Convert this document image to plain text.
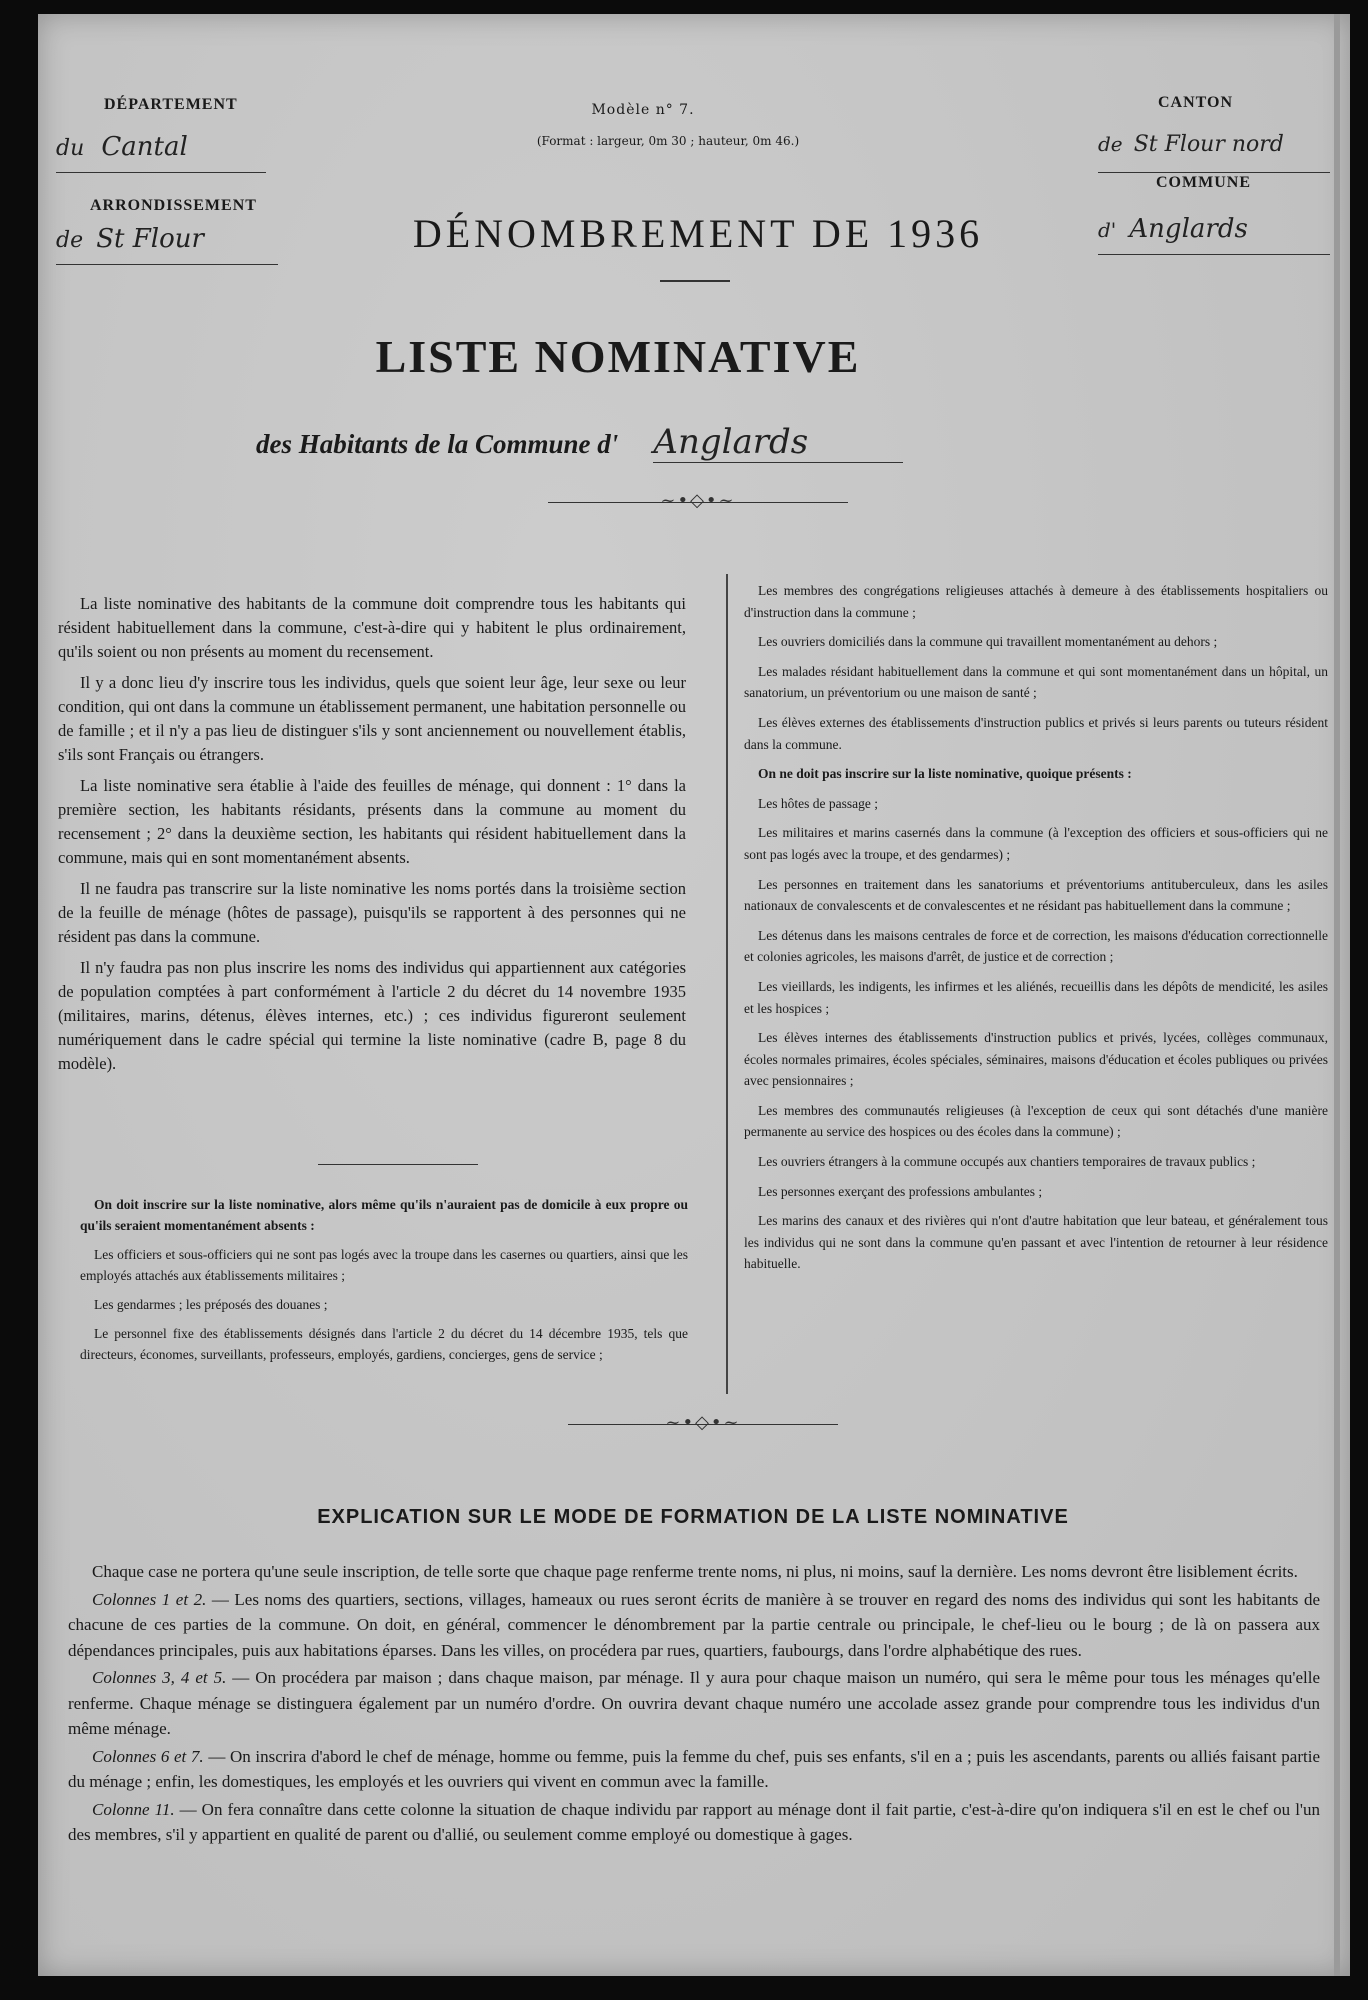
DÉPARTEMENT
du Cantal
ARRONDISSEMENT
de St Flour
Modèle n° 7.
(Format : largeur, 0m 30 ; hauteur, 0m 46.)
DÉNOMBREMENT DE 1936
CANTON
de St Flour nord
COMMUNE
d' Anglards
LISTE NOMINATIVE
des Habitants de la Commune d' Anglards
~•◇•~

La liste nominative des habitants de la commune doit comprendre tous les habitants qui résident habituellement dans la commune, c'est-à-dire qui y habitent le plus ordinairement, qu'ils soient ou non présents au moment du recensement.

Il y a donc lieu d'y inscrire tous les individus, quels que soient leur âge, leur sexe ou leur condition, qui ont dans la commune un établissement permanent, une habitation personnelle ou de famille ; et il n'y a pas lieu de distinguer s'ils y sont anciennement ou nouvellement établis, s'ils sont Français ou étrangers.

La liste nominative sera établie à l'aide des feuilles de ménage, qui donnent : 1° dans la première section, les habitants résidants, présents dans la commune au moment du recensement ; 2° dans la deuxième section, les habitants qui résident habituellement dans la commune, mais qui en sont momentanément absents.

Il ne faudra pas transcrire sur la liste nominative les noms portés dans la troisième section de la feuille de ménage (hôtes de passage), puisqu'ils se rapportent à des personnes qui ne résident pas dans la commune.

Il n'y faudra pas non plus inscrire les noms des individus qui appartiennent aux catégories de population comptées à part conformément à l'article 2 du décret du 14 novembre 1935 (militaires, marins, détenus, élèves internes, etc.) ; ces individus figureront seulement numériquement dans le cadre spécial qui termine la liste nominative (cadre B, page 8 du modèle).

On doit inscrire sur la liste nominative, alors même qu'ils n'auraient pas de domicile à eux propre ou qu'ils seraient momentanément absents :

Les officiers et sous-officiers qui ne sont pas logés avec la troupe dans les casernes ou quartiers, ainsi que les employés attachés aux établissements militaires ;

Les gendarmes ; les préposés des douanes ;

Le personnel fixe des établissements désignés dans l'article 2 du décret du 14 décembre 1935, tels que directeurs, économes, surveillants, professeurs, employés, gardiens, concierges, gens de service ;

Les membres des congrégations religieuses attachés à demeure à des établissements hospitaliers ou d'instruction dans la commune ;

Les ouvriers domiciliés dans la commune qui travaillent momentanément au dehors ;

Les malades résidant habituellement dans la commune et qui sont momentanément dans un hôpital, un sanatorium, un préventorium ou une maison de santé ;

Les élèves externes des établissements d'instruction publics et privés si leurs parents ou tuteurs résident dans la commune.

On ne doit pas inscrire sur la liste nominative, quoique présents :

Les hôtes de passage ;

Les militaires et marins casernés dans la commune (à l'exception des officiers et sous-officiers qui ne sont pas logés avec la troupe, et des gendarmes) ;

Les personnes en traitement dans les sanatoriums et préventoriums antituberculeux, dans les asiles nationaux de convalescents et de convalescentes et ne résidant pas habituellement dans la commune ;

Les détenus dans les maisons centrales de force et de correction, les maisons d'éducation correctionnelle et colonies agricoles, les maisons d'arrêt, de justice et de correction ;

Les vieillards, les indigents, les infirmes et les aliénés, recueillis dans les dépôts de mendicité, les asiles et les hospices ;

Les élèves internes des établissements d'instruction publics et privés, lycées, collèges communaux, écoles normales primaires, écoles spéciales, séminaires, maisons d'éducation et écoles publiques ou privées avec pensionnaires ;

Les membres des communautés religieuses (à l'exception de ceux qui sont détachés d'une manière permanente au service des hospices ou des écoles dans la commune) ;

Les ouvriers étrangers à la commune occupés aux chantiers temporaires de travaux publics ;

Les personnes exerçant des professions ambulantes ;

Les marins des canaux et des rivières qui n'ont d'autre habitation que leur bateau, et généralement tous les individus qui ne sont dans la commune qu'en passant et avec l'intention de retourner à leur résidence habituelle.

~•◇•~
EXPLICATION SUR LE MODE DE FORMATION DE LA LISTE NOMINATIVE

Chaque case ne portera qu'une seule inscription, de telle sorte que chaque page renferme trente noms, ni plus, ni moins, sauf la dernière. Les noms devront être lisiblement écrits.

Colonnes 1 et 2. — Les noms des quartiers, sections, villages, hameaux ou rues seront écrits de manière à se trouver en regard des noms des individus qui sont les habitants de chacune de ces parties de la commune. On doit, en général, commencer le dénombrement par la partie centrale ou principale, le chef-lieu ou le bourg ; de là on passera aux dépendances principales, puis aux habitations éparses. Dans les villes, on procédera par rues, quartiers, faubourgs, dans l'ordre alphabétique des rues.

Colonnes 3, 4 et 5. — On procédera par maison ; dans chaque maison, par ménage. Il y aura pour chaque maison un numéro, qui sera le même pour tous les ménages qu'elle renferme. Chaque ménage se distinguera également par un numéro d'ordre. On ouvrira devant chaque numéro une accolade assez grande pour comprendre tous les individus d'un même ménage.

Colonnes 6 et 7. — On inscrira d'abord le chef de ménage, homme ou femme, puis la femme du chef, puis ses enfants, s'il en a ; puis les ascendants, parents ou alliés faisant partie du ménage ; enfin, les domestiques, les employés et les ouvriers qui vivent en commun avec la famille.

Colonne 11. — On fera connaître dans cette colonne la situation de chaque individu par rapport au ménage dont il fait partie, c'est-à-dire qu'on indiquera s'il en est le chef ou l'un des membres, s'il y appartient en qualité de parent ou d'allié, ou seulement comme employé ou domestique à gages.
